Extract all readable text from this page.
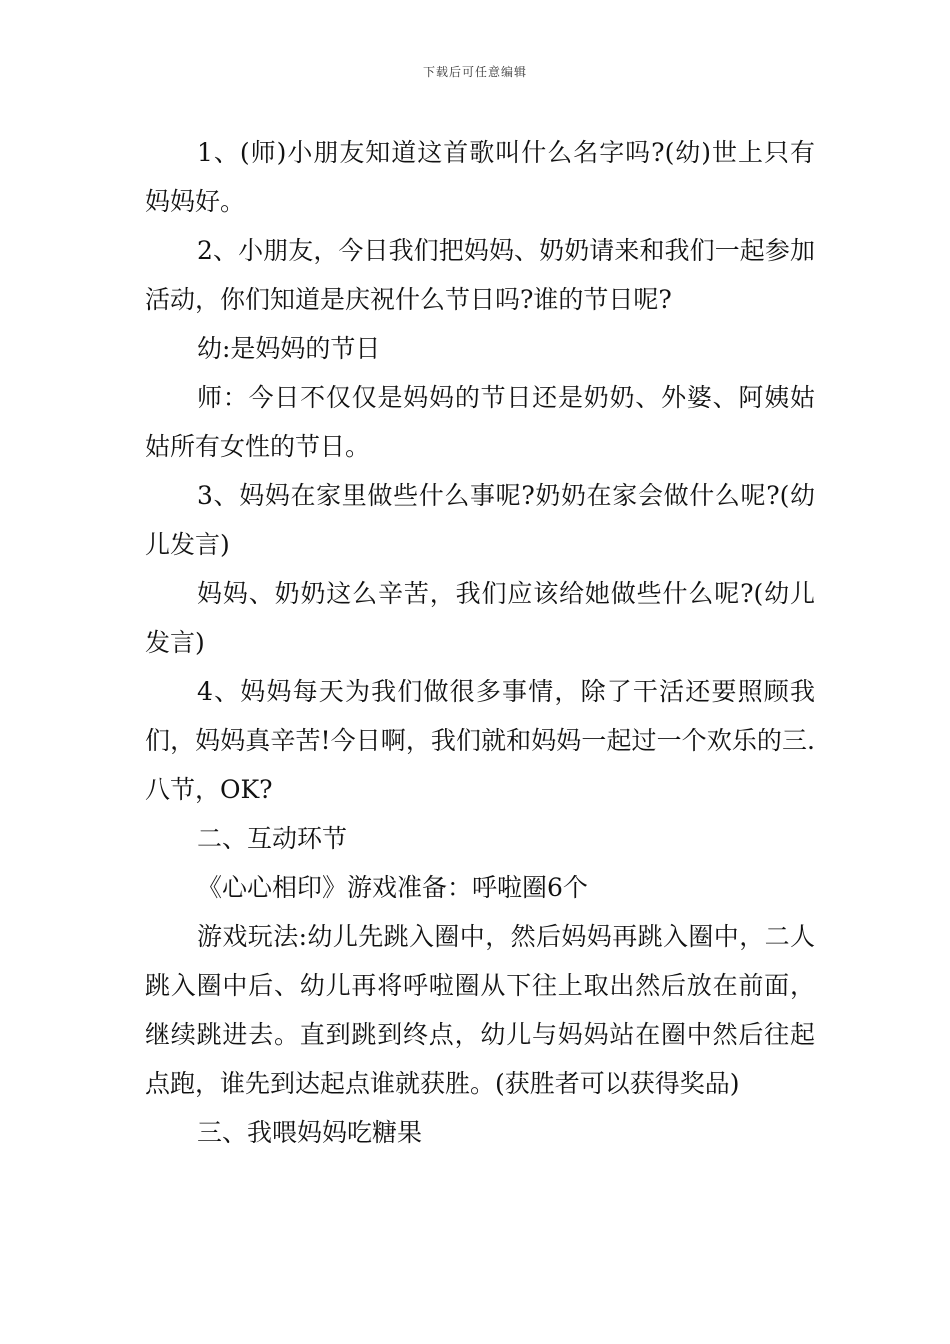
下载后可任意编辑

1、(师)小朋友知道这首歌叫什么名字吗?(幼)世上只有妈妈好。

2、小朋友，今日我们把妈妈、奶奶请来和我们一起参加活动，你们知道是庆祝什么节日吗?谁的节日呢?

幼:是妈妈的节日

师：今日不仅仅是妈妈的节日还是奶奶、外婆、阿姨姑姑所有女性的节日。

3、妈妈在家里做些什么事呢?奶奶在家会做什么呢?(幼儿发言)

妈妈、奶奶这么辛苦，我们应该给她做些什么呢?(幼儿发言)

4、妈妈每天为我们做很多事情，除了干活还要照顾我们，妈妈真辛苦!今日啊，我们就和妈妈一起过一个欢乐的三.八节，OK?

二、互动环节

《心心相印》游戏准备：呼啦圈6个

游戏玩法:幼儿先跳入圈中，然后妈妈再跳入圈中，二人跳入圈中后、幼儿再将呼啦圈从下往上取出然后放在前面，继续跳进去。直到跳到终点，幼儿与妈妈站在圈中然后往起点跑，谁先到达起点谁就获胜。(获胜者可以获得奖品)

三、我喂妈妈吃糖果
